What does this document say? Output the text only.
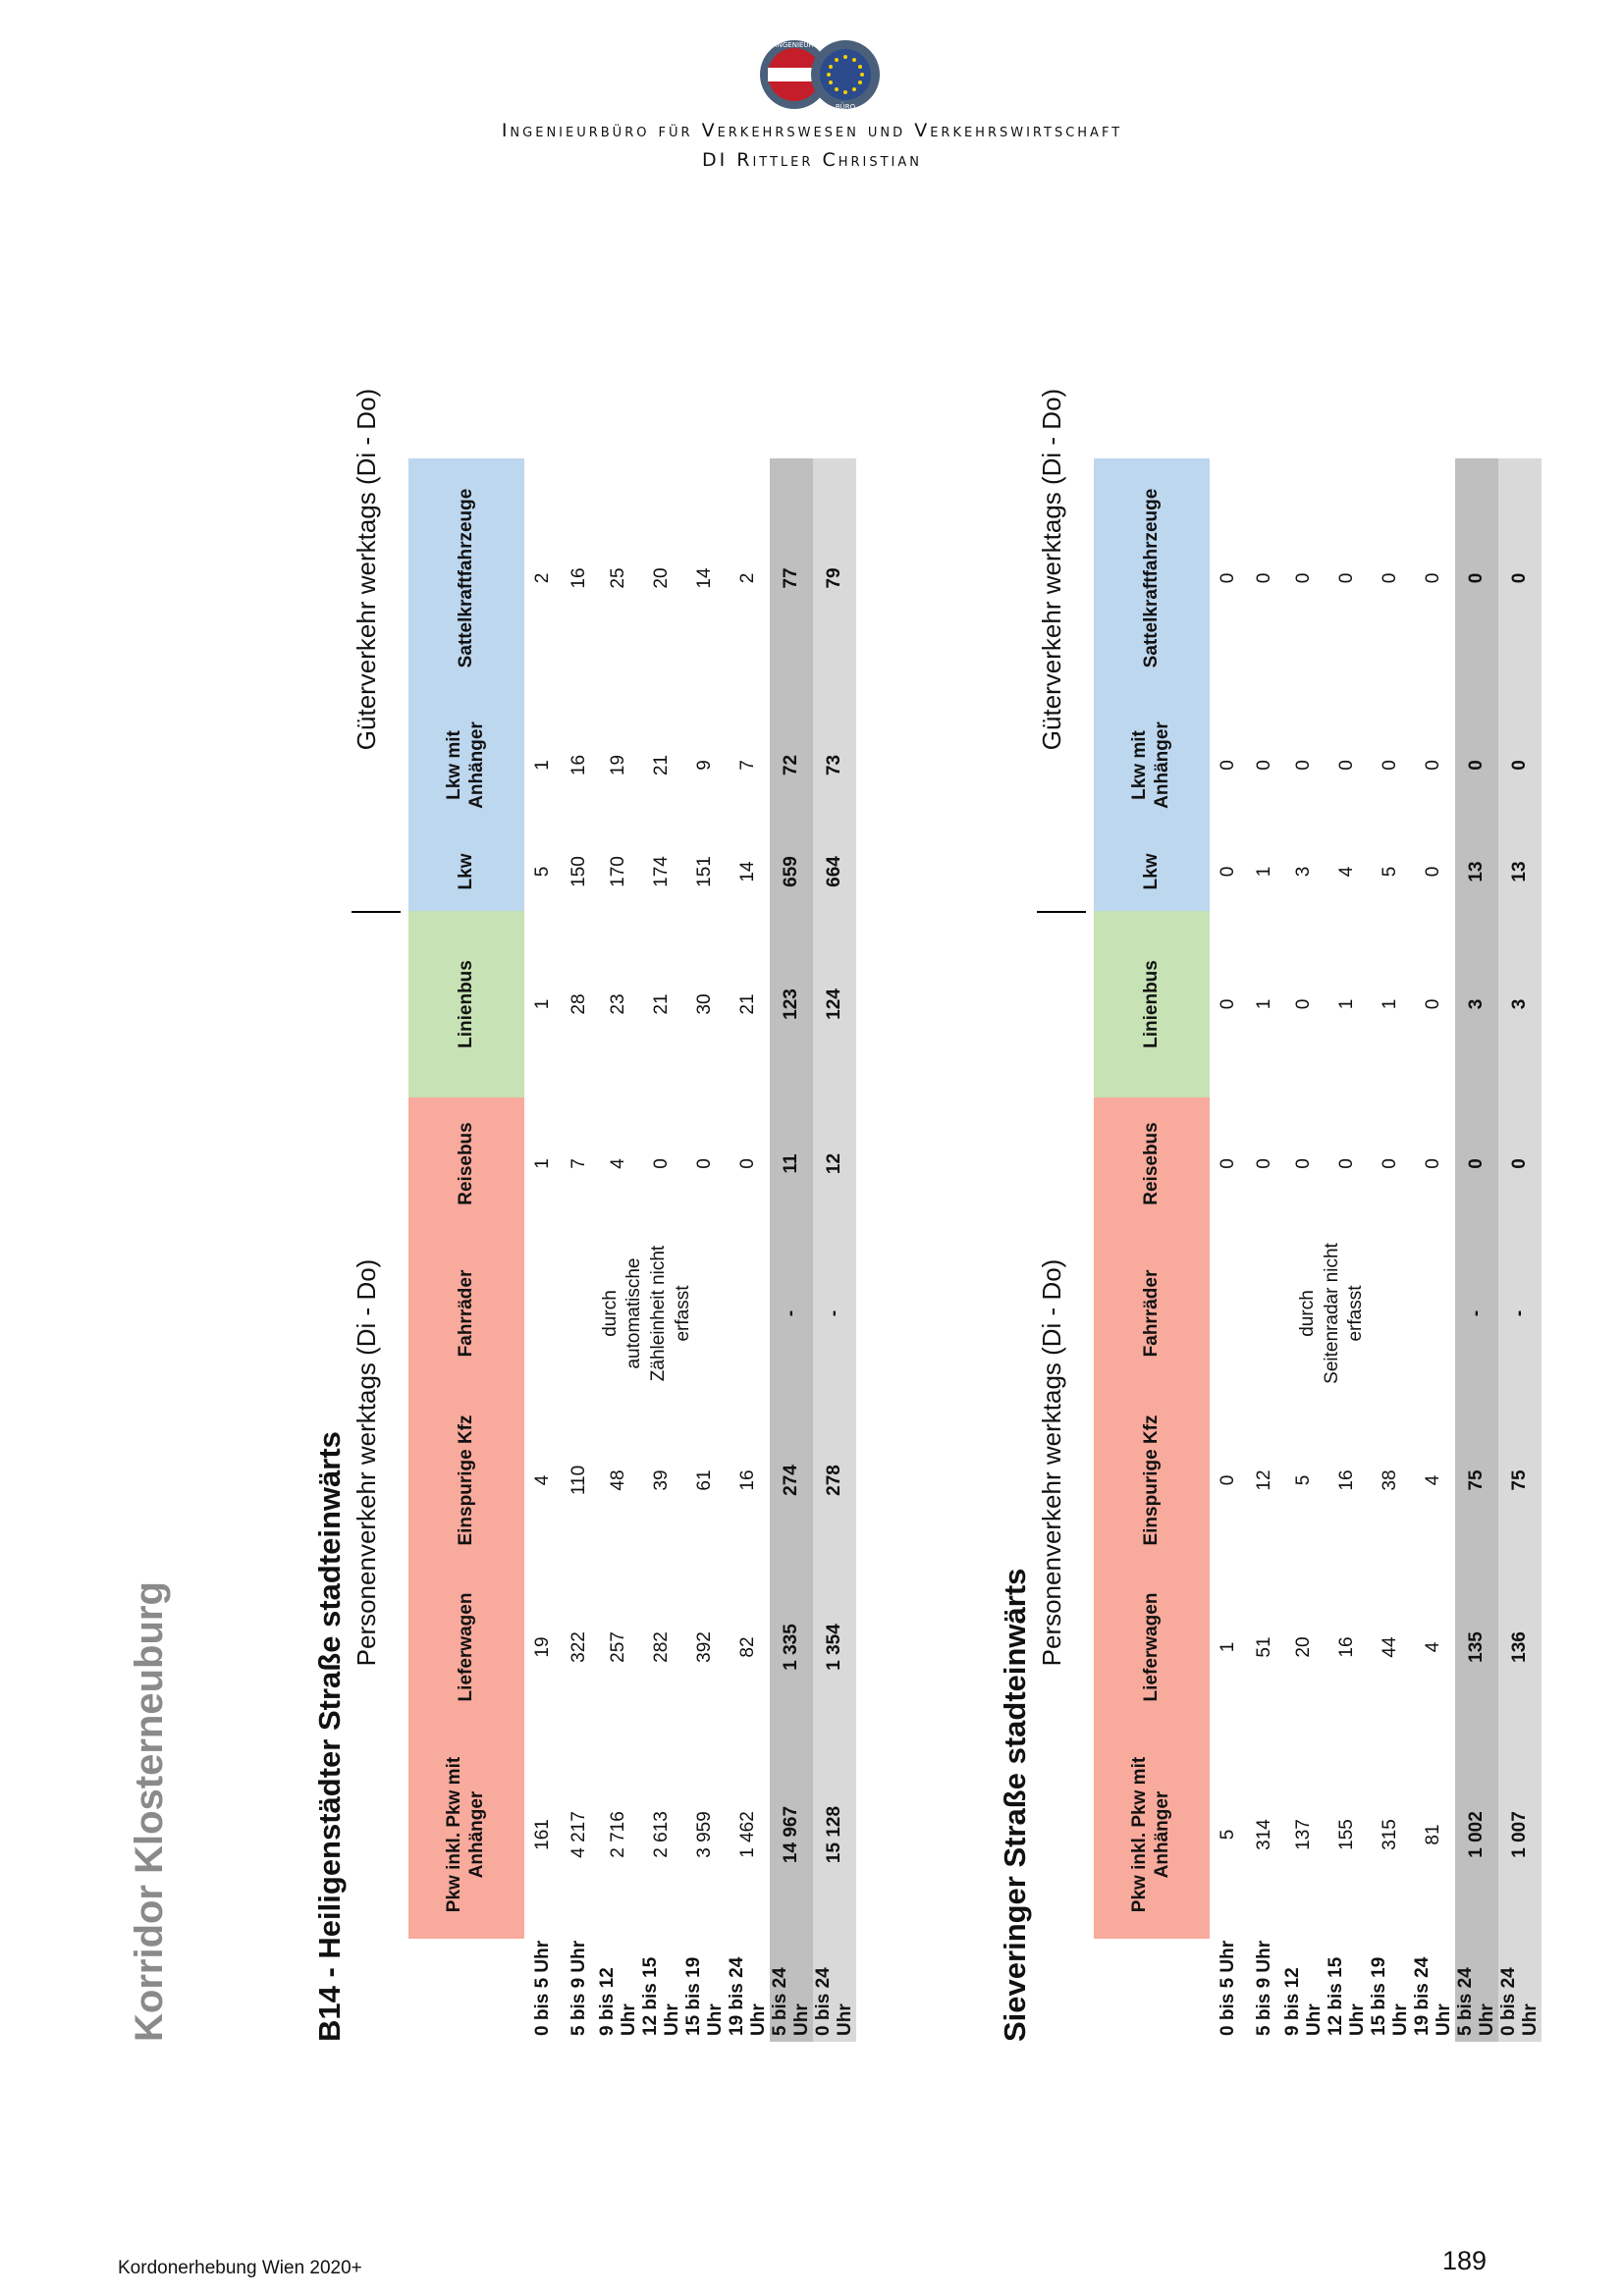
INGENIEUR
BÜRO
Ingenieurbüro für Verkehrswesen und Verkehrswirtschaft
DI Rittler Christian
Korridor Klosterneuburg	B14 - Heiligenstädter Straße stadteinwärts Personenverkehr werktags (Di - Do)
Güterverkehr werktags (Di - Do)
	Pkw inkl. Pkw mit Anhänger	Lieferwagen	Einspurige Kfz	Fahrräder	Reisebus	Linienbus	Lkw	Lkw mit
Anhänger	Sattelkraftfahrzeuge
0 bis 5 Uhr	161	19	4	durch automatische Zähleinheit nicht erfasst	1	1	5	1	2
5 bis 9 Uhr	4 217	322	110		7	28	150	16	16
9 bis 12 Uhr	2 716	257	48		4	23	170	19	25
12 bis 15 Uhr	2 613	282	39		0	21	174	21	20
15 bis 19 Uhr	3 959	392	61		0	30	151	9	14
19 bis 24 Uhr	1 462	82	16		0	21	14	7	2
5 bis 24 Uhr	14 967	1 335	274	-	11	123	659	72	77
0 bis 24 Uhr	15 128	1 354	278	-	12	124	664	73	79
Sieveringer Straße stadteinwärts
Personenverkehr werktags (Di - Do)
Güterverkehr werktags (Di - Do)
	Pkw inkl. Pkw mit Anhänger	Lieferwagen	Einspurige Kfz	Fahrräder	Reisebus	Linienbus	Lkw	Lkw mit
Anhänger	Sattelkraftfahrzeuge
0 bis 5 Uhr	5	1	0	durch Seitenradar nicht erfasst	0	0	0	0	0
5 bis 9 Uhr	314	51	12		0	1	1	0	0
9 bis 12 Uhr	137	20	5		0	0	3	0	0
12 bis 15 Uhr	155	16	16		0	1	4	0	0
15 bis 19 Uhr	315	44	38		0	1	5	0	0
19 bis 24 Uhr	81	4	4		0	0	0	0	0
5 bis 24 Uhr	1 002	135	75	-	0	3	13	0	0
0 bis 24 Uhr	1 007	136	75	-	0	3	13	0	0
Kordonerhebung Wien 2020+	189
